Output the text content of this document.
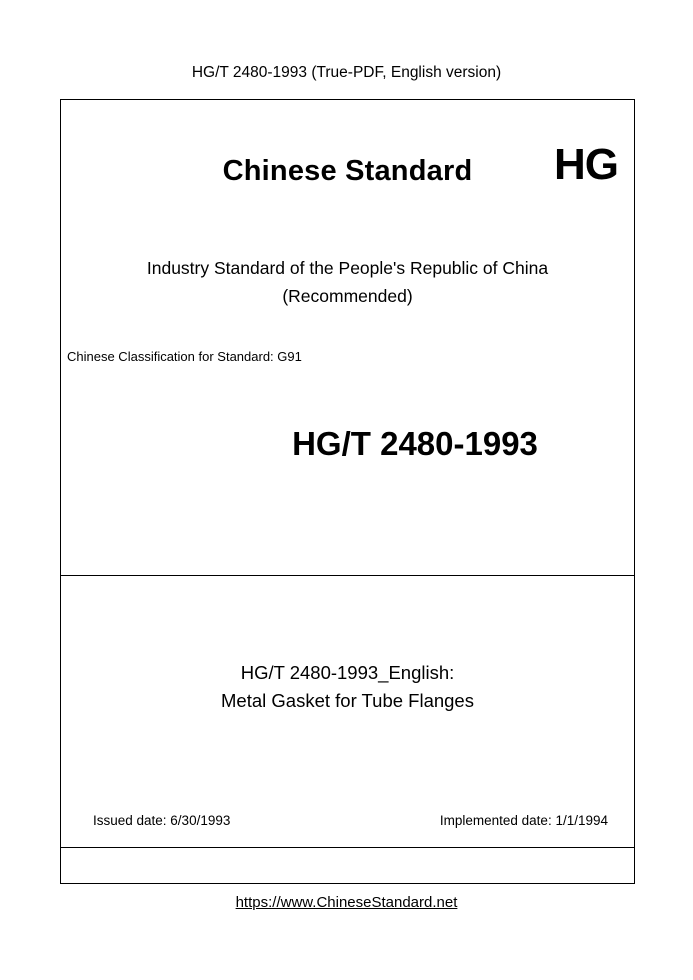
HG/T 2480-1993 (True-PDF, English version)
Chinese Standard	HG
Industry Standard of the People's Republic of China
(Recommended)
Chinese Classification for Standard: G91
HG/T 2480-1993
HG/T 2480-1993_English:
Metal Gasket for Tube Flanges
Issued date: 6/30/1993	Implemented date: 1/1/1994
https://www.ChineseStandard.net
